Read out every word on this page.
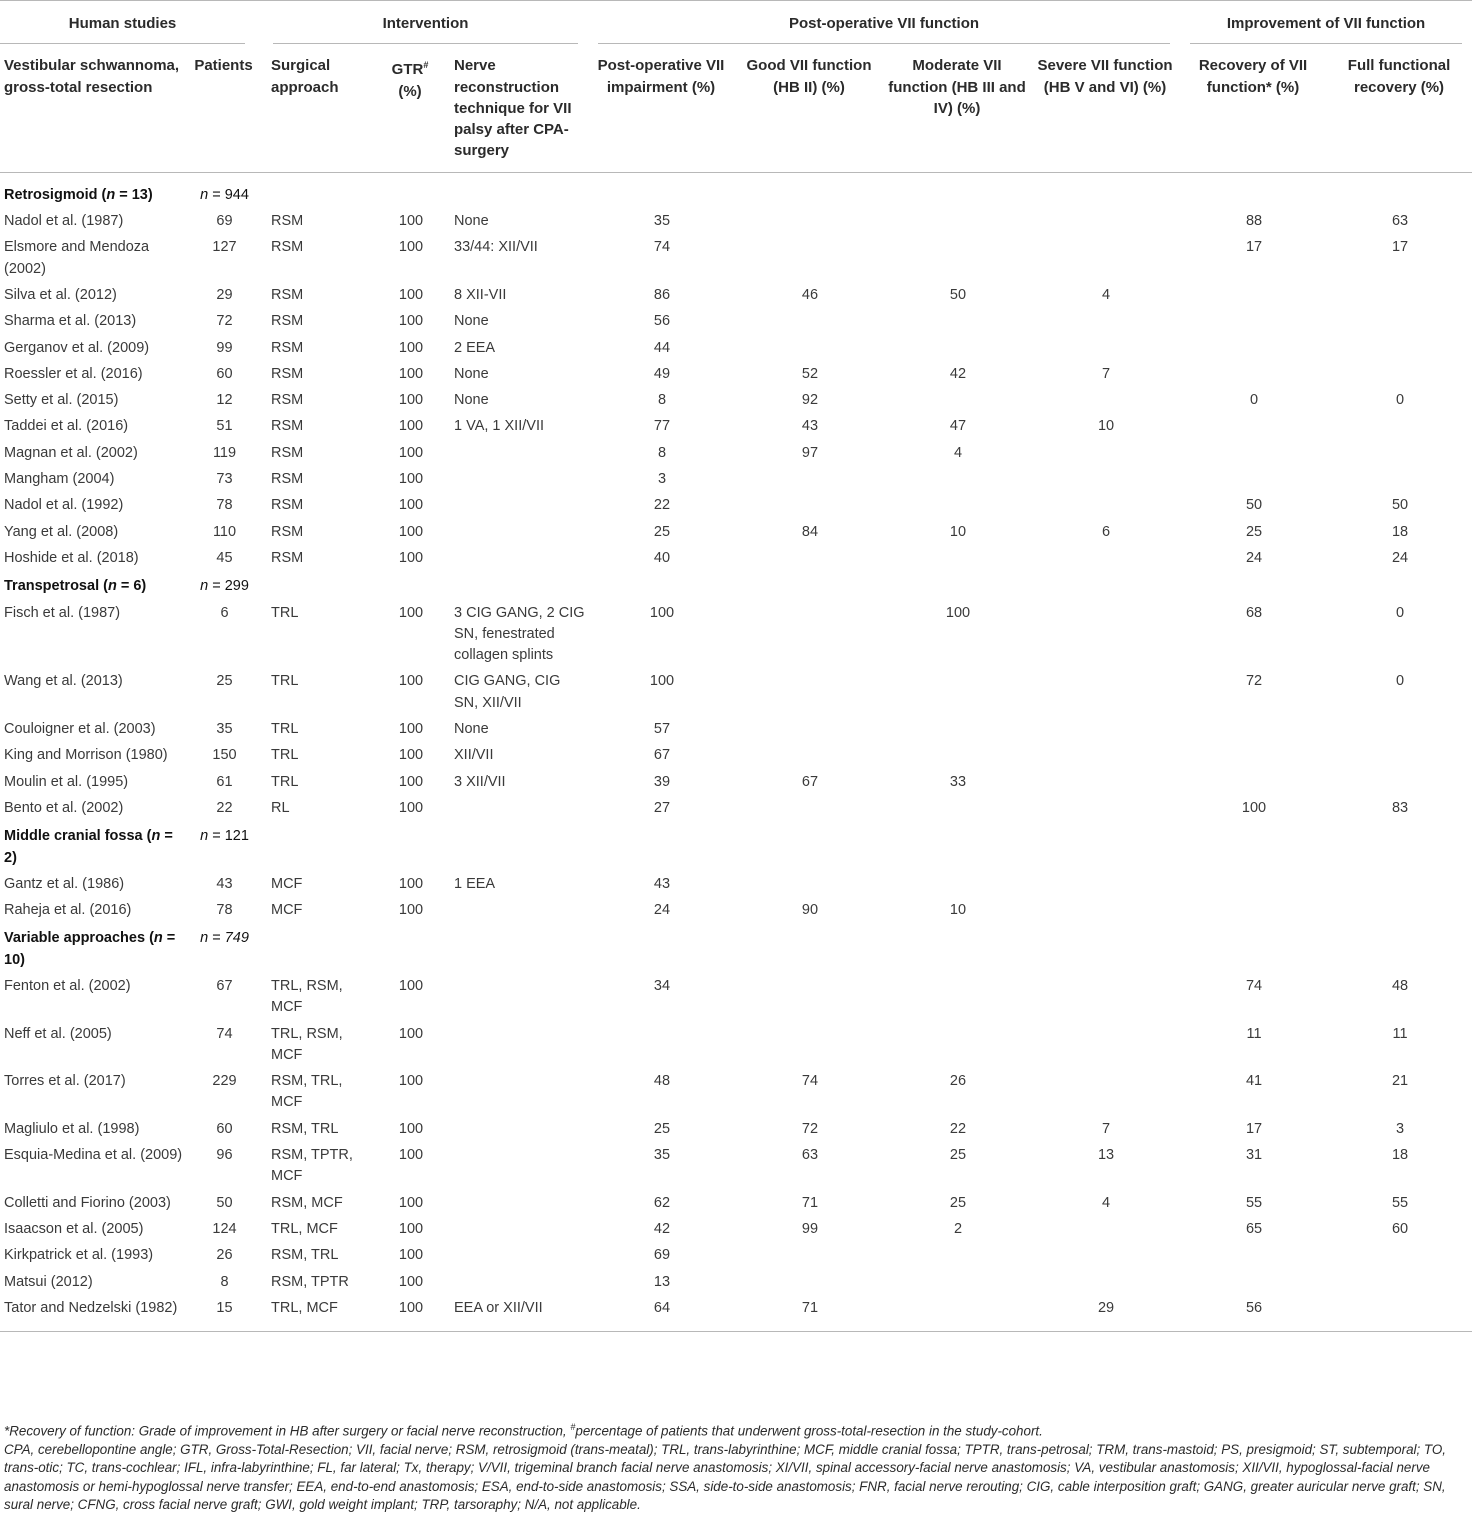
Human studies		Intervention			Post-operative VII function				Improvement of VII function	

Vestibular schwannoma, gross-total resection	Patients	Surgical approach	GTR#
(%)	Nerve reconstruction technique for VII palsy after CPA-surgery	Post-operative VII impairment (%)	Good VII function (HB II) (%)	Moderate VII function (HB III and IV) (%)	Severe VII function (HB V and VI) (%)	Recovery of VII function* (%)	Full functional recovery (%)
Retrosigmoid (n = 13)	n = 944									
Nadol et al. (1987)	69	RSM	100	None	35				88	63
Elsmore and Mendoza (2002)	127	RSM	100	33/44: XII/VII	74				17	17
Silva et al. (2012)	29	RSM	100	8 XII-VII	86	46	50	4		
Sharma et al. (2013)	72	RSM	100	None	56					
Gerganov et al. (2009)	99	RSM	100	2 EEA	44					
Roessler et al. (2016)	60	RSM	100	None	49	52	42	7		
Setty et al. (2015)	12	RSM	100	None	8	92			0	0
Taddei et al. (2016)	51	RSM	100	1 VA, 1 XII/VII	77	43	47	10		
Magnan et al. (2002)	119	RSM	100		8	97	4			
Mangham (2004)	73	RSM	100		3					
Nadol et al. (1992)	78	RSM	100		22				50	50
Yang et al. (2008)	110	RSM	100		25	84	10	6	25	18
Hoshide et al. (2018)	45	RSM	100		40				24	24
Transpetrosal (n = 6)	n = 299									
Fisch et al. (1987)	6	TRL	100	3 CIG GANG, 2 CIG SN, fenestrated collagen splints	100		100		68	0
Wang et al. (2013)	25	TRL	100	CIG GANG, CIG SN, XII/VII	100				72	0
Couloigner et al. (2003)	35	TRL	100	None	57					
King and Morrison (1980)	150	TRL	100	XII/VII	67					
Moulin et al. (1995)	61	TRL	100	3 XII/VII	39	67	33			
Bento et al. (2002)	22	RL	100		27				100	83
Middle cranial fossa (n = 2)	n = 121									
Gantz et al. (1986)	43	MCF	100	1 EEA	43					
Raheja et al. (2016)	78	MCF	100		24	90	10			
Variable approaches (n = 10)	n = 749									
Fenton et al. (2002)	67	TRL, RSM, MCF	100		34				74	48
Neff et al. (2005)	74	TRL, RSM, MCF	100						11	11
Torres et al. (2017)	229	RSM, TRL, MCF	100		48	74	26		41	21
Magliulo et al. (1998)	60	RSM, TRL	100		25	72	22	7	17	3
Esquia-Medina et al. (2009)	96	RSM, TPTR, MCF	100		35	63	25	13	31	18
Colletti and Fiorino (2003)	50	RSM, MCF	100		62	71	25	4	55	55
Isaacson et al. (2005)	124	TRL, MCF	100		42	99	2		65	60
Kirkpatrick et al. (1993)	26	RSM, TRL	100		69					
Matsui (2012)	8	RSM, TPTR	100		13					
Tator and Nedzelski (1982)	15	TRL, MCF	100	EEA or XII/VII	64	71		29	56	

*Recovery of function: Grade of improvement in HB after surgery or facial nerve reconstruction, #percentage of patients that underwent gross-total-resection in the study-cohort.

CPA, cerebellopontine angle; GTR, Gross-Total-Resection; VII, facial nerve; RSM, retrosigmoid (trans-meatal); TRL, trans-labyrinthine; MCF, middle cranial fossa; TPTR, trans-petrosal; TRM, trans-mastoid; PS, presigmoid; ST, subtemporal; TO, trans-otic; TC, trans-cochlear; IFL, infra-labyrinthine; FL, far lateral; Tx, therapy; V/VII, trigeminal branch facial nerve anastomosis; XI/VII, spinal accessory-facial nerve anastomosis; VA, vestibular anastomosis; XII/VII, hypoglossal-facial nerve anastomosis or hemi-hypoglossal nerve transfer; EEA, end-to-end anastomosis; ESA, end-to-side anastomosis; SSA, side-to-side anastomosis; FNR, facial nerve rerouting; CIG, cable interposition graft; GANG, greater auricular nerve graft; SN, sural nerve; CFNG, cross facial nerve graft; GWI, gold weight implant; TRP, tarsoraphy; N/A, not applicable.
